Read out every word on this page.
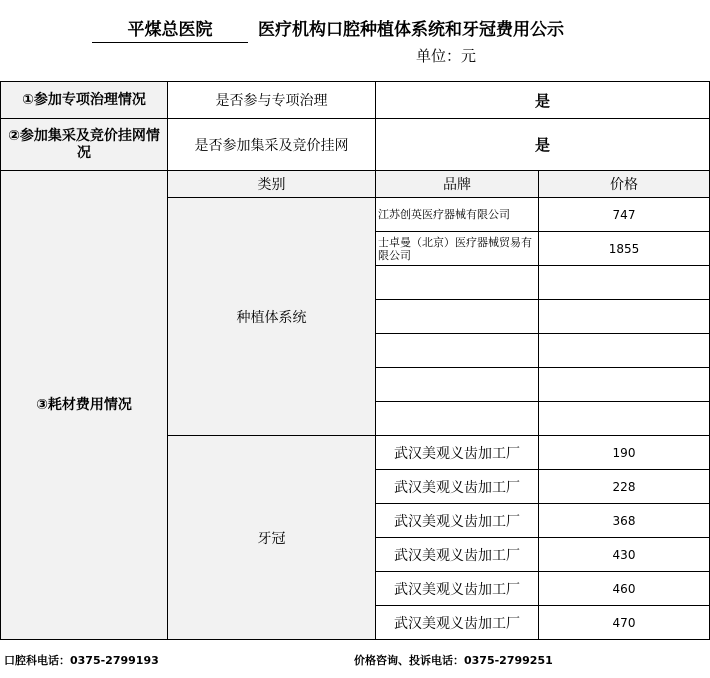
平煤总医院	医疗机构口腔种植体系统和牙冠费用公示
单位：元
①参加专项治理情况	是否参与专项治理	是	
②参加集采及竞价挂网情况	是否参加集采及竞价挂网	是	
③耗材费用情况	类别	品牌	价格
	种植体系统	江苏创英医疗器械有限公司	747
		士卓曼（北京）医疗器械贸易有限公司	1855

	牙冠	武汉美观义齿加工厂	190
		武汉美观义齿加工厂	228
		武汉美观义齿加工厂	368
		武汉美观义齿加工厂	430
		武汉美观义齿加工厂	460
		武汉美观义齿加工厂	470
口腔科电话：0375-2799193	价格咨询、投诉电话：0375-2799251
